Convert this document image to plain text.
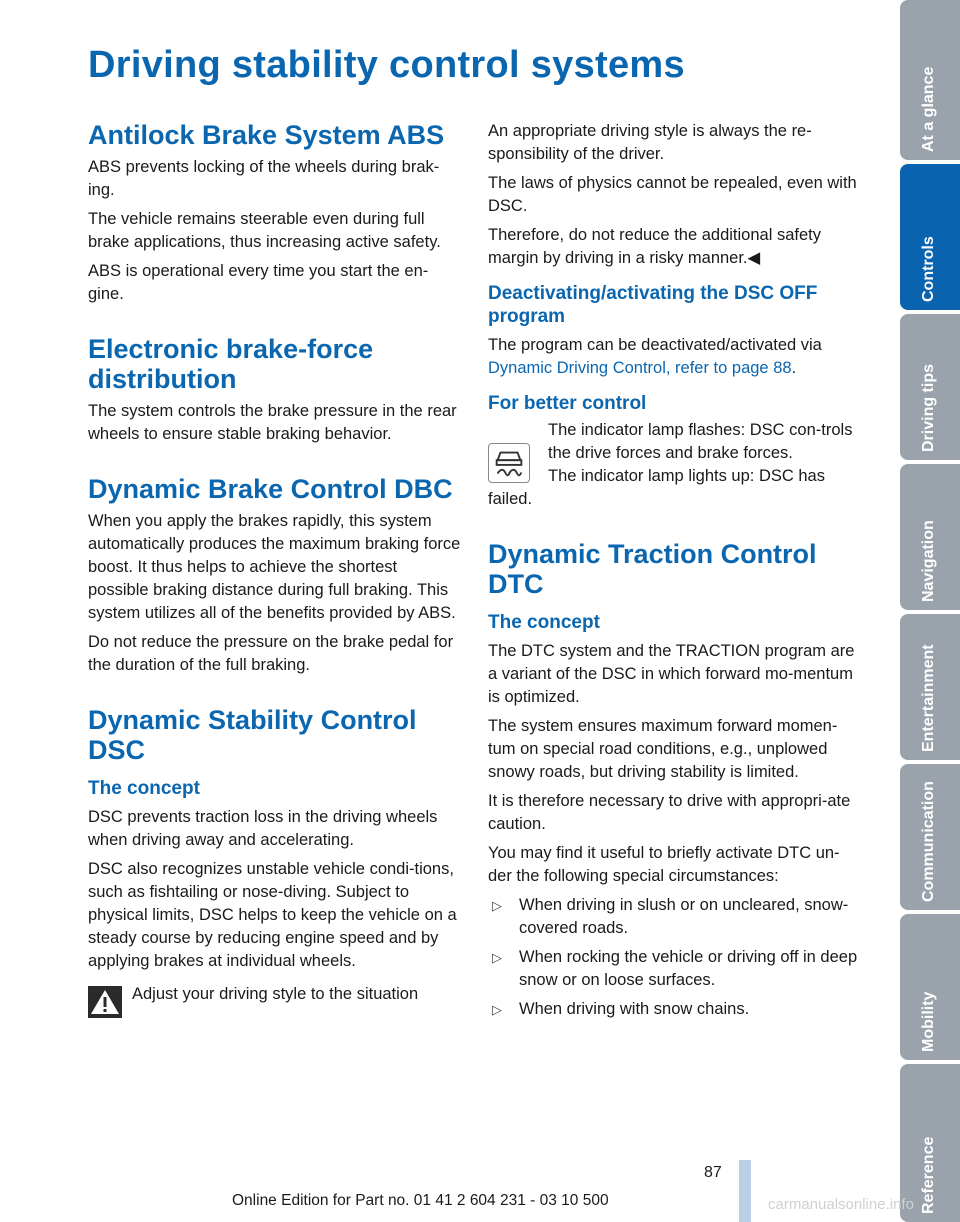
Driving stability control systems
Antilock Brake System ABS

ABS prevents locking of the wheels during brak‐ing.

The vehicle remains steerable even during full brake applications, thus increasing active safety.

ABS is operational every time you start the en‐gine.

Electronic brake-force distribution

The system controls the brake pressure in the rear wheels to ensure stable braking behavior.

Dynamic Brake Control DBC

When you apply the brakes rapidly, this system automatically produces the maximum braking force boost. It thus helps to achieve the shortest possible braking distance during full braking. This system utilizes all of the benefits provided by ABS.

Do not reduce the pressure on the brake pedal for the duration of the full braking.

Dynamic Stability Control DSC
The concept

DSC prevents traction loss in the driving wheels when driving away and accelerating.

DSC also recognizes unstable vehicle condi‐tions, such as fishtailing or nose-diving. Subject to physical limits, DSC helps to keep the vehicle on a steady course by reducing engine speed and by applying brakes at individual wheels.

Adjust your driving style to the situation

An appropriate driving style is always the re‐sponsibility of the driver.

The laws of physics cannot be repealed, even with DSC.

Therefore, do not reduce the additional safety margin by driving in a risky manner.◀

Deactivating/activating the DSC OFF program

The program can be deactivated/activated via Dynamic Driving Control, refer to page 88.

For better control

The indicator lamp flashes: DSC con‐trols the drive forces and brake forces.

The indicator lamp lights up: DSC has

failed.

Dynamic Traction Control DTC
The concept

The DTC system and the TRACTION program are a variant of the DSC in which forward mo‐mentum is optimized.

The system ensures maximum forward momen‐tum on special road conditions, e.g., unplowed snowy roads, but driving stability is limited.

It is therefore necessary to drive with appropri‐ate caution.

You may find it useful to briefly activate DTC un‐der the following special circumstances:

▷ When driving in slush or on uncleared, snow-covered roads.
▷ When rocking the vehicle or driving off in deep snow or on loose surfaces.
▷ When driving with snow chains.
At a glance
Controls
Driving tips
Navigation
Entertainment
Communication
Mobility
Reference
87
Online Edition for Part no. 01 41 2 604 231 - 03 10 500	carmanualsonline.info
